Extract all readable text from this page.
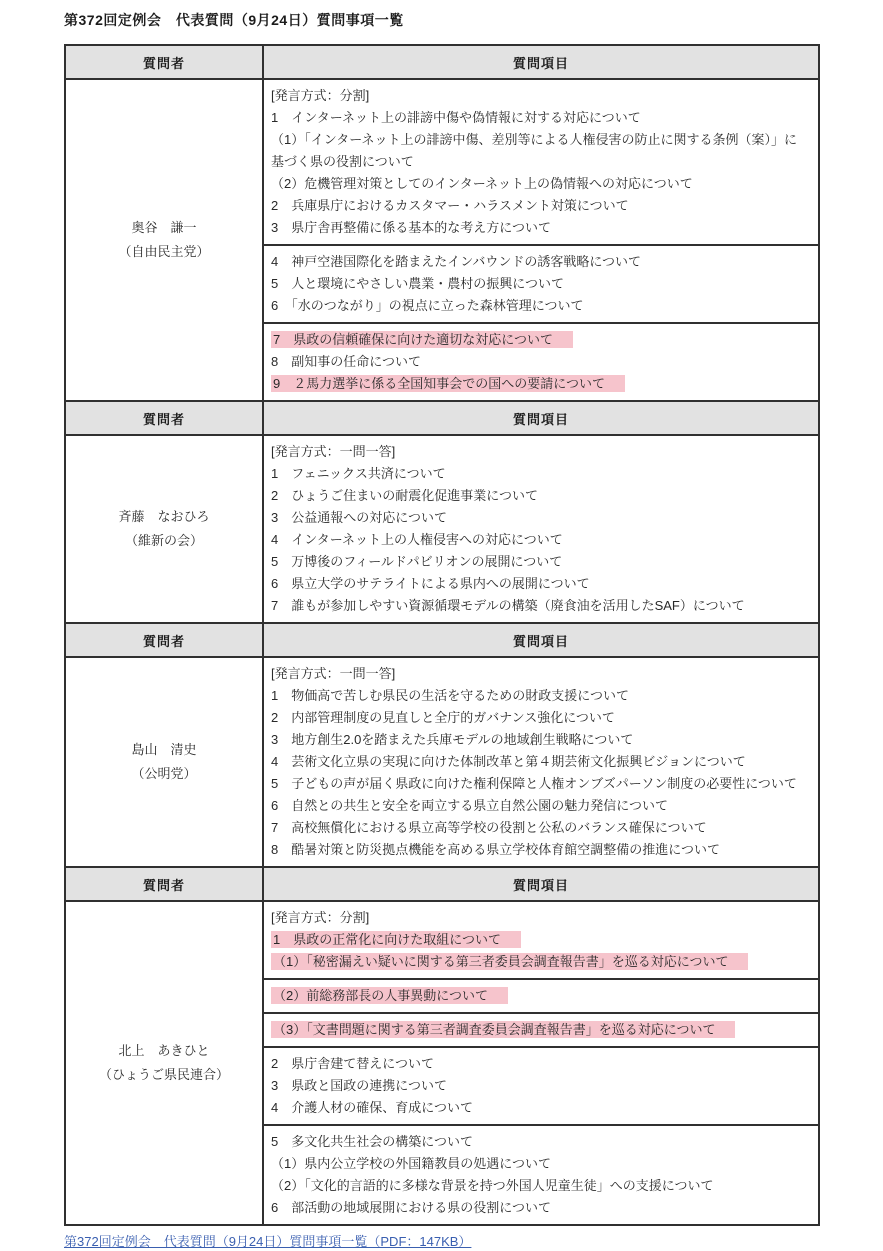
第372回定例会　代表質問（9月24日）質問事項一覧
質問者	質問項目

奥谷　謙一
（自由民主党）

[発言方式：分割]
1　インターネット上の誹謗中傷や偽情報に対する対応について
（1）「インターネット上の誹謗中傷、差別等による人権侵害の防止に関する条例（案）」に基づく県の役割について
（2）危機管理対策としてのインターネット上の偽情報への対応について
2　兵庫県庁におけるカスタマー・ハラスメント対策について
3　県庁舎再整備に係る基本的な考え方について

	4　神戸空港国際化を踏まえたインバウンドの誘客戦略について
5　人と環境にやさしい農業・農村の振興について
6　「水のつながり」の視点に立った森林管理について

	7　県政の信頼確保に向けた適切な対応について
8　副知事の任命について
9　２馬力選挙に係る全国知事会での国への要請について
質問者	質問項目

斉藤　なおひろ
（維新の会）

[発言方式：一問一答]
1　フェニックス共済について
2　ひょうご住まいの耐震化促進事業について
3　公益通報への対応について
4　インターネット上の人権侵害への対応について
5　万博後のフィールドパビリオンの展開について
6　県立大学のサテライトによる県内への展開について
7　誰もが参加しやすい資源循環モデルの構築（廃食油を活用したSAF）について
質問者	質問項目

島山　清史
（公明党）

[発言方式：一問一答]
1　物価高で苦しむ県民の生活を守るための財政支援について
2　内部管理制度の見直しと全庁的ガバナンス強化について
3　地方創生2.0を踏まえた兵庫モデルの地域創生戦略について
4　芸術文化立県の実現に向けた体制改革と第４期芸術文化振興ビジョンについて
5　子どもの声が届く県政に向けた権利保障と人権オンブズパーソン制度の必要性について
6　自然との共生と安全を両立する県立自然公園の魅力発信について
7　高校無償化における県立高等学校の役割と公私のバランス確保について
8　酷暑対策と防災拠点機能を高める県立学校体育館空調整備の推進について
質問者	質問項目

北上　あきひと
（ひょうご県民連合）

[発言方式：分割]
1　県政の正常化に向けた取組について
（1）「秘密漏えい疑いに関する第三者委員会調査報告書」を巡る対応について

	（2）前総務部長の人事異動について

	（3）「文書問題に関する第三者調査委員会調査報告書」を巡る対応について

	2　県庁舎建て替えについて
3　県政と国政の連携について
4　介護人材の確保、育成について

	5　多文化共生社会の構築について
（1）県内公立学校の外国籍教員の処遇について
（2）「文化的言語的に多様な背景を持つ外国人児童生徒」への支援について
6　部活動の地域展開における県の役割について
第372回定例会　代表質問（9月24日）質問事項一覧（PDF：147KB）
